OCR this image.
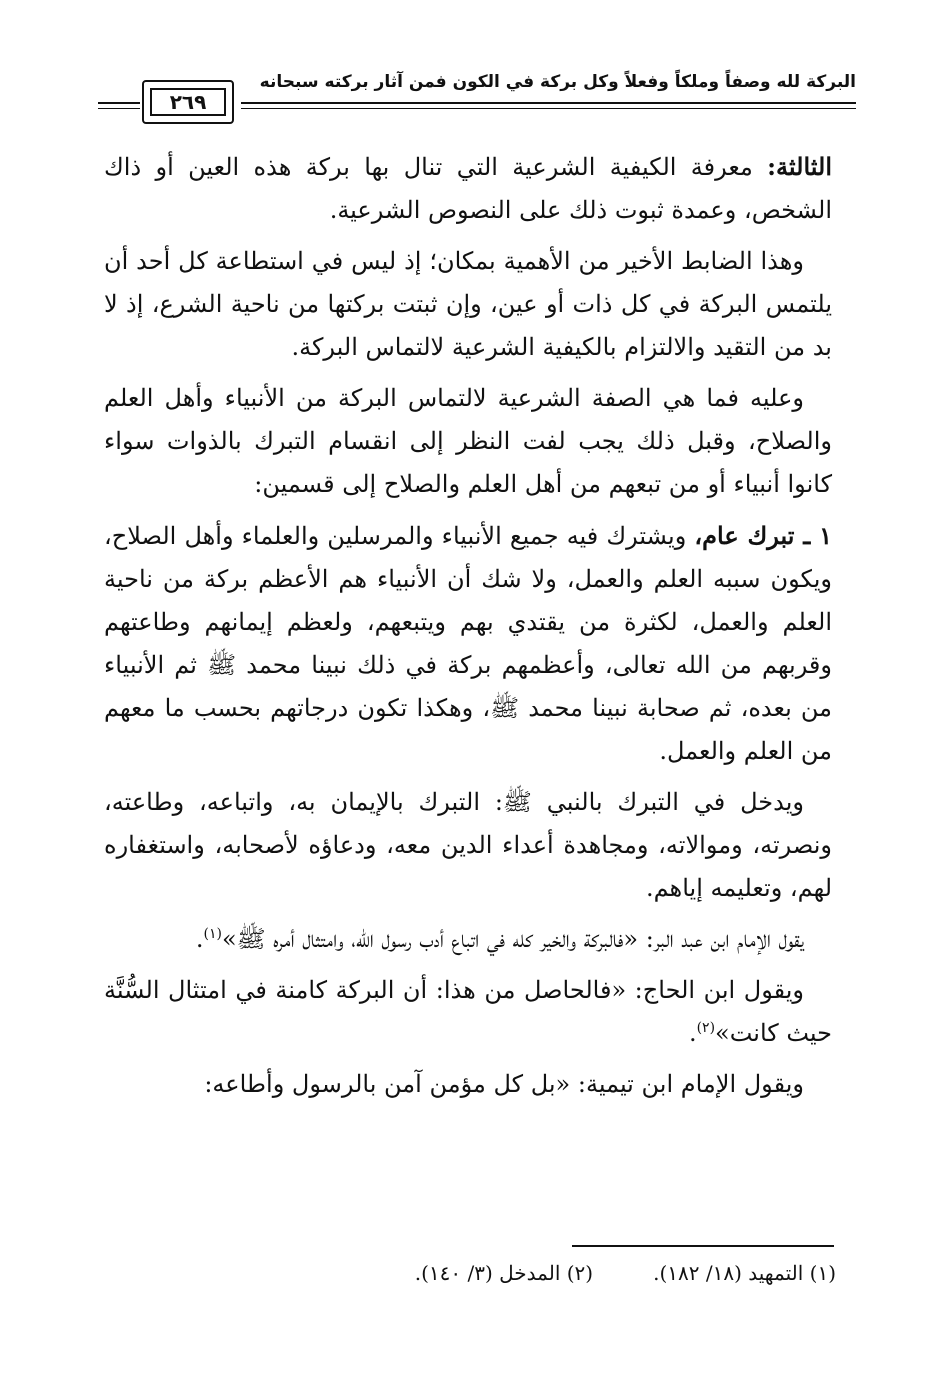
البركة لله وصفاً وملكاً وفعلاً وكل بركة في الكون فمن آثار بركته سبحانه
٢٦٩

الثالثة: معرفة الكيفية الشرعية التي تنال بها بركة هذه العين أو ذاك الشخص، وعمدة ثبوت ذلك على النصوص الشرعية.

وهذا الضابط الأخير من الأهمية بمكان؛ إذ ليس في استطاعة كل أحد أن يلتمس البركة في كل ذات أو عين، وإن ثبتت بركتها من ناحية الشرع، إذ لا بد من التقيد والالتزام بالكيفية الشرعية لالتماس البركة.

وعليه فما هي الصفة الشرعية لالتماس البركة من الأنبياء وأهل العلم والصلاح، وقبل ذلك يجب لفت النظر إلى انقسام التبرك بالذوات سواء كانوا أنبياء أو من تبعهم من أهل العلم والصلاح إلى قسمين:

١ ـ تبرك عام، ويشترك فيه جميع الأنبياء والمرسلين والعلماء وأهل الصلاح، ويكون سببه العلم والعمل، ولا شك أن الأنبياء هم الأعظم بركة من ناحية العلم والعمل، لكثرة من يقتدي بهم ويتبعهم، ولعظم إيمانهم وطاعتهم وقربهم من الله تعالى، وأعظمهم بركة في ذلك نبينا محمد ﷺ ثم الأنبياء من بعده، ثم صحابة نبينا محمد ﷺ، وهكذا تكون درجاتهم بحسب ما معهم من العلم والعمل.

ويدخل في التبرك بالنبي ﷺ: التبرك بالإيمان به، واتباعه، وطاعته، ونصرته، وموالاته، ومجاهدة أعداء الدين معه، ودعاؤه لأصحابه، واستغفاره لهم، وتعليمه إياهم.

يقول الإمام ابن عبد البر: «فالبركة والخير كله في اتباع أدب رسول الله، وامتثال أمره ﷺ»$^{(١)}$.

ويقول ابن الحاج: «فالحاصل من هذا: أن البركة كامنة في امتثال السُّنَّة حيث كانت»$^{(٢)}$.

ويقول الإمام ابن تيمية: «بل كل مؤمن آمن بالرسول وأطاعه:

(١) التمهيد (١٨/ ١٨٢).
(٢) المدخل (٣/ ١٤٠).
